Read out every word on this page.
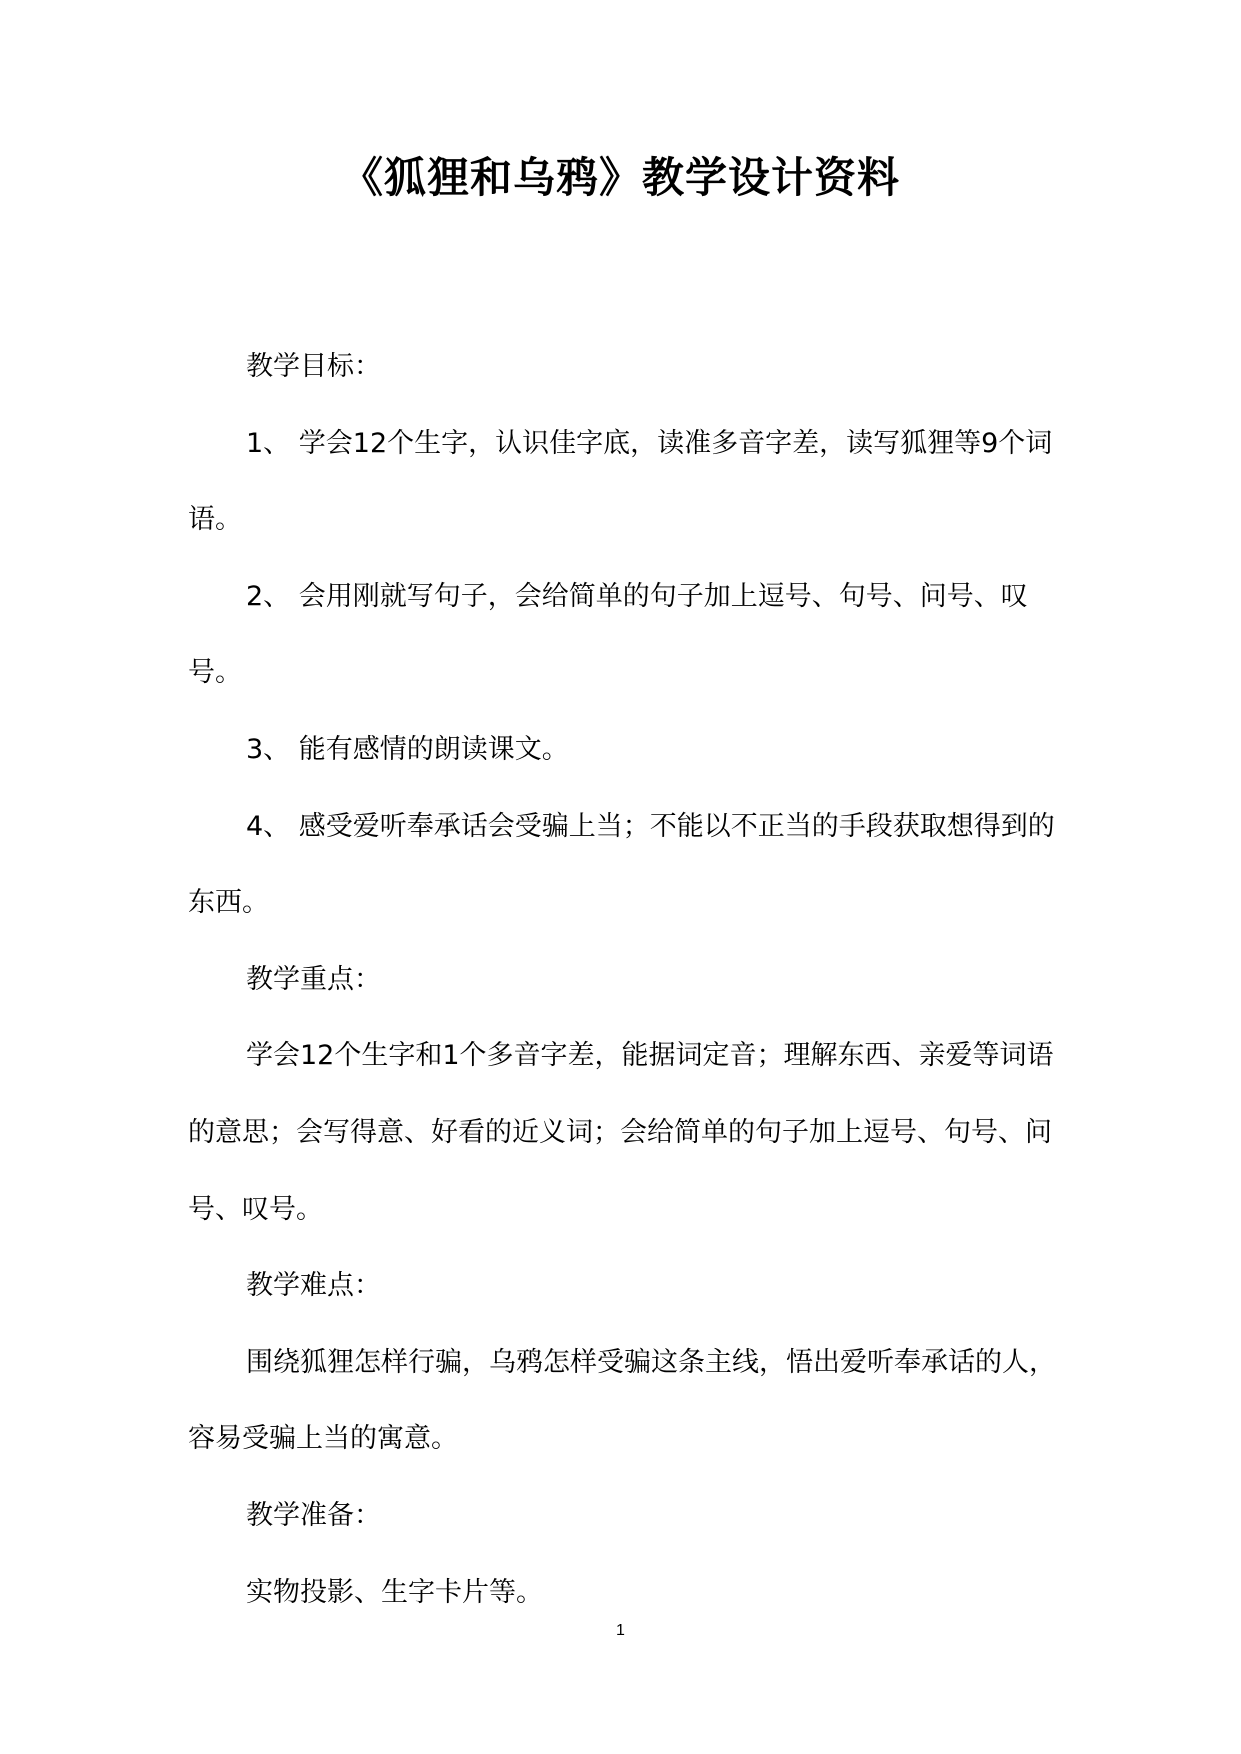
《狐狸和乌鸦》教学设计资料

教学目标：

1、 学会12个生字，认识佳字底，读准多音字差，读写狐狸等9个词语。

2、 会用刚就写句子，会给简单的句子加上逗号、句号、问号、叹号。

3、 能有感情的朗读课文。

4、 感受爱听奉承话会受骗上当；不能以不正当的手段获取想得到的东西。

教学重点：

学会12个生字和1个多音字差，能据词定音；理解东西、亲爱等词语的意思；会写得意、好看的近义词；会给简单的句子加上逗号、句号、问号、叹号。

教学难点：

围绕狐狸怎样行骗，乌鸦怎样受骗这条主线，悟出爱听奉承话的人，容易受骗上当的寓意。

教学准备：

实物投影、生字卡片等。

1
